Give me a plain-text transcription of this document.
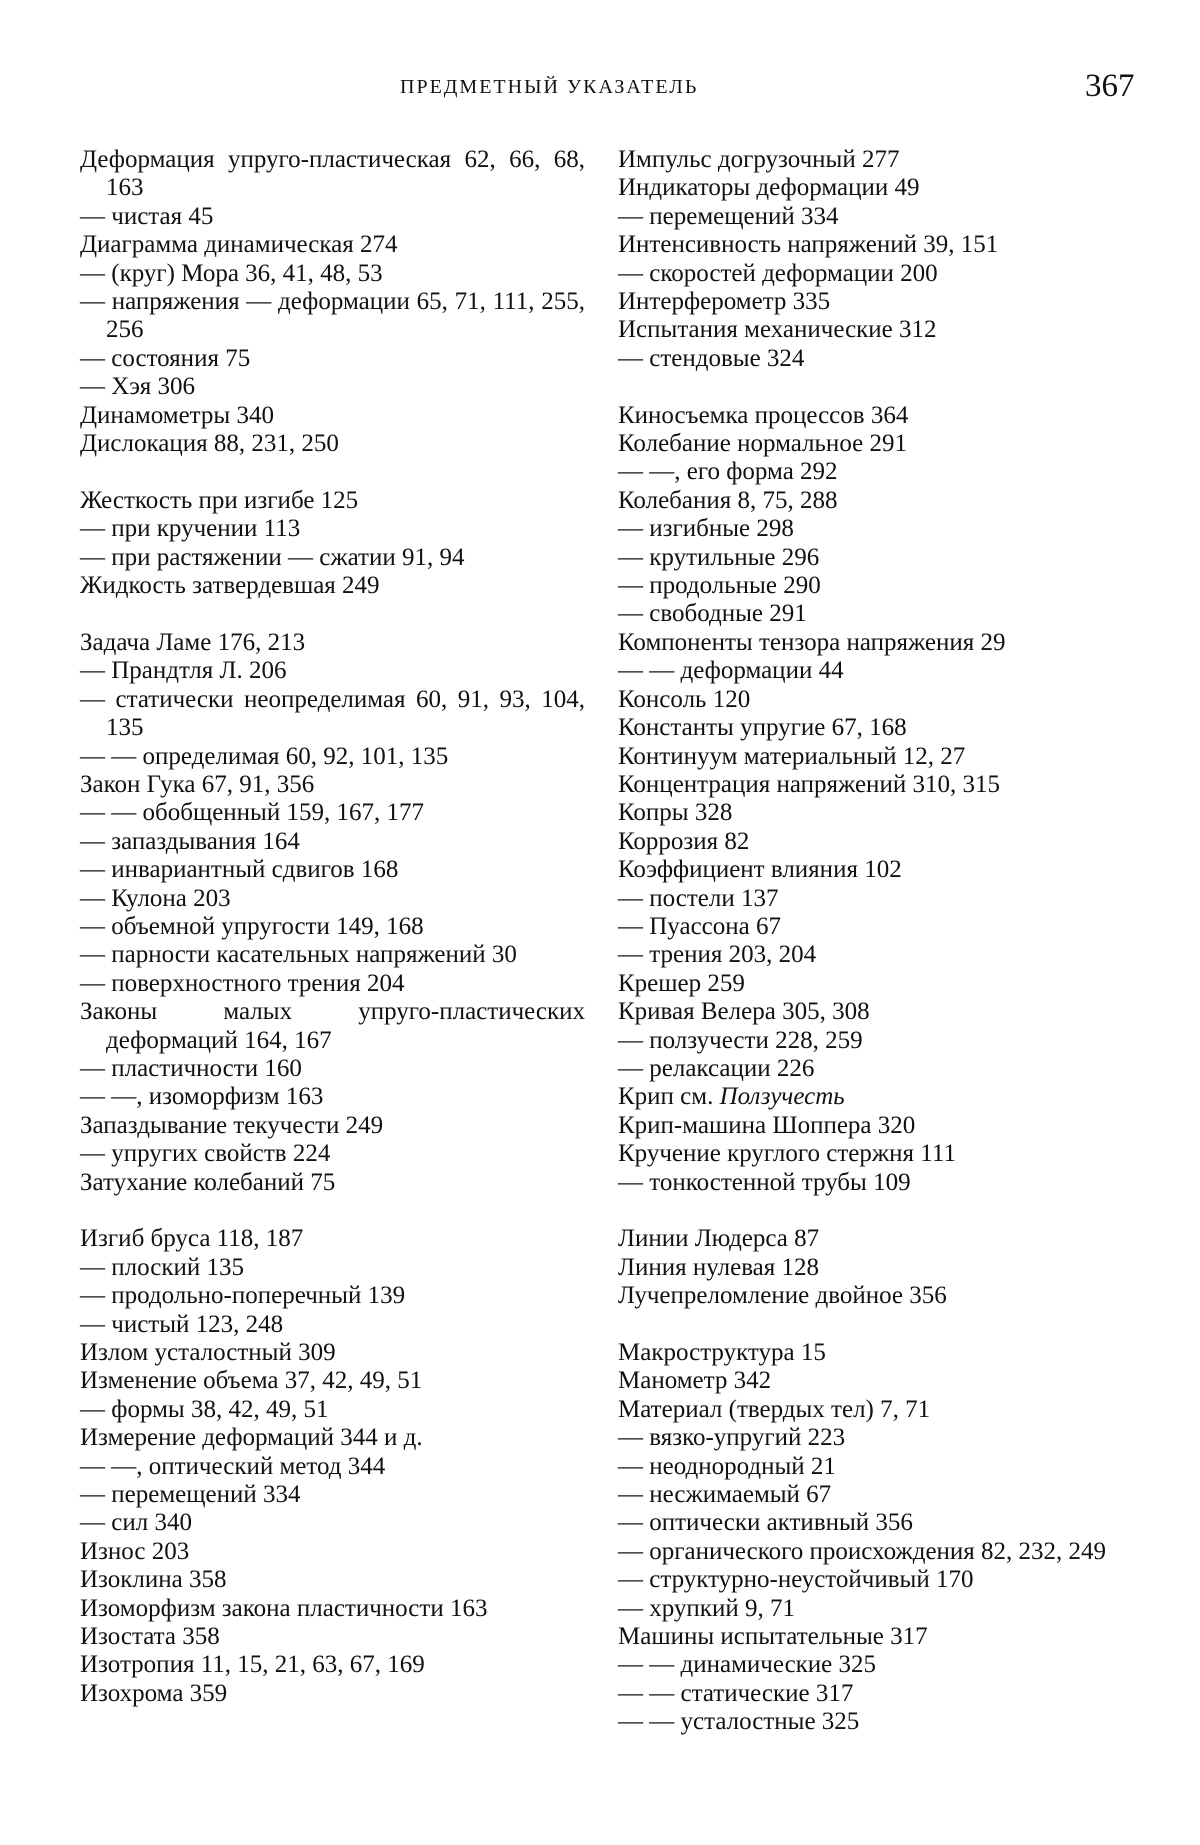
ПРЕДМЕТНЫЙ УКАЗАТЕЛЬ	367
Деформация упруго-пластическая 62, 66, 68, 163
— чистая 45
Диаграмма динамическая 274
— (круг) Мора 36, 41, 48, 53
— напряжения — деформации 65, 71, 111, 255, 256
— состояния 75
— Хэя 306
Динамометры 340
Дислокация 88, 231, 250
Жесткость при изгибе 125
— при кручении 113
— при растяжении — сжатии 91, 94
Жидкость затвердевшая 249
Задача Ламе 176, 213
— Прандтля Л. 206
— статически неопределимая 60, 91, 93, 104, 135
— — определимая 60, 92, 101, 135
Закон Гука 67, 91, 356
— — обобщенный 159, 167, 177
— запаздывания 164
— инвариантный сдвигов 168
— Кулона 203
— объемной упругости 149, 168
— парности касательных напряжений 30
— поверхностного трения 204
Законы малых упруго-пластических деформаций 164, 167
— пластичности 160
— —, изоморфизм 163
Запаздывание текучести 249
— упругих свойств 224
Затухание колебаний 75
Изгиб бруса 118, 187
— плоский 135
— продольно-поперечный 139
— чистый 123, 248
Излом усталостный 309
Изменение объема 37, 42, 49, 51
— формы 38, 42, 49, 51
Измерение деформаций 344 и д.
— —, оптический метод 344
— перемещений 334
— сил 340
Износ 203
Изоклина 358
Изоморфизм закона пластичности 163
Изостата 358
Изотропия 11, 15, 21, 63, 67, 169
Изохрома 359
Импульс догрузочный 277
Индикаторы деформации 49
— перемещений 334
Интенсивность напряжений 39, 151
— скоростей деформации 200
Интерферометр 335
Испытания механические 312
— стендовые 324
Киносъемка процессов 364
Колебание нормальное 291
— —, его форма 292
Колебания 8, 75, 288
— изгибные 298
— крутильные 296
— продольные 290
— свободные 291
Компоненты тензора напряжения 29
— — деформации 44
Консоль 120
Константы упругие 67, 168
Континуум материальный 12, 27
Концентрация напряжений 310, 315
Копры 328
Коррозия 82
Коэффициент влияния 102
— постели 137
— Пуассона 67
— трения 203, 204
Крешер 259
Кривая Велера 305, 308
— ползучести 228, 259
— релаксации 226
Крип см. Ползучесть
Крип-машина Шоппера 320
Кручение круглого стержня 111
— тонкостенной трубы 109
Линии Людерса 87
Линия нулевая 128
Лучепреломление двойное 356
Макроструктура 15
Манометр 342
Материал (твердых тел) 7, 71
— вязко-упругий 223
— неоднородный 21
— несжимаемый 67
— оптически активный 356
— органического происхождения 82, 232, 249
— структурно-неустойчивый 170
— хрупкий 9, 71
Машины испытательные 317
— — динамические 325
— — статические 317
— — усталостные 325
